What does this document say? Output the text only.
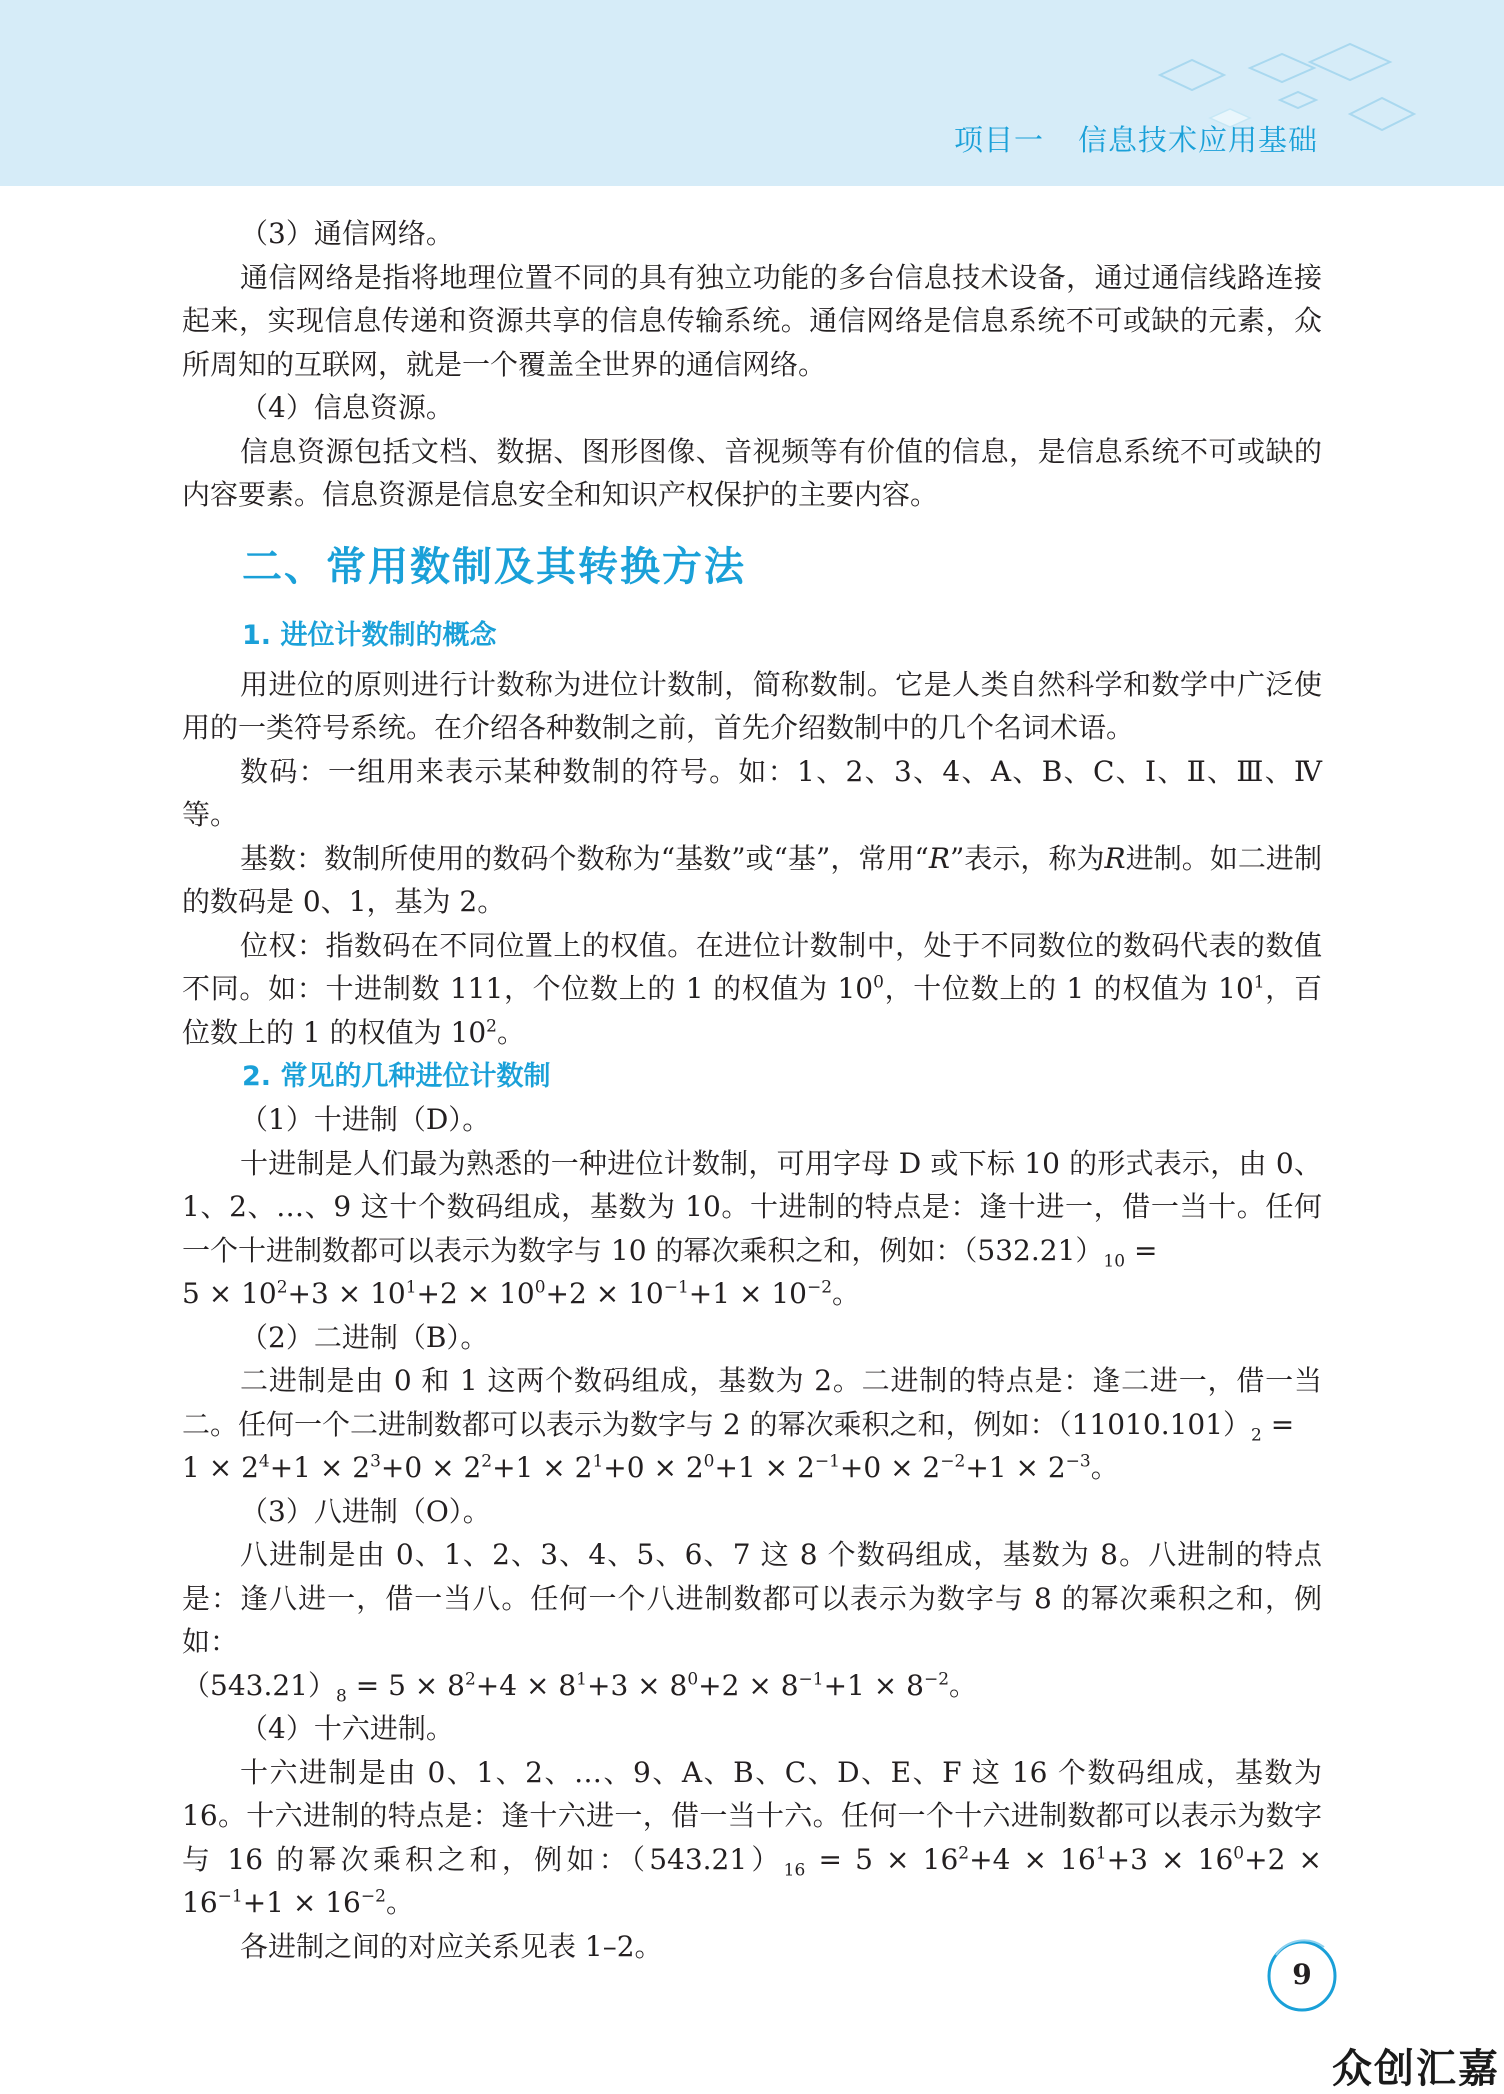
项目一 信息技术应用基础

（3）通信网络。

通信网络是指将地理位置不同的具有独立功能的多台信息技术设备，通过通信线路连接起来，实现信息传递和资源共享的信息传输系统。通信网络是信息系统不可或缺的元素，众所周知的互联网，就是一个覆盖全世界的通信网络。

（4）信息资源。

信息资源包括文档、数据、图形图像、音视频等有价值的信息，是信息系统不可或缺的内容要素。信息资源是信息安全和知识产权保护的主要内容。

二、常用数制及其转换方法
1. 进位计数制的概念

用进位的原则进行计数称为进位计数制，简称数制。它是人类自然科学和数学中广泛使用的一类符号系统。在介绍各种数制之前，首先介绍数制中的几个名词术语。

数码：一组用来表示某种数制的符号。如：1、2、3、4、A、B、C、Ⅰ、Ⅱ、Ⅲ、Ⅳ等。

基数：数制所使用的数码个数称为“基数”或“基”，常用“R”表示，称为R进制。如二进制的数码是 0、1，基为 2。

位权：指数码在不同位置上的权值。在进位计数制中，处于不同数位的数码代表的数值不同。如：十进制数 111，个位数上的 1 的权值为 $10^0$，十位数上的 1 的权值为 $10^1$，百位数上的 1 的权值为 $10^2$。

2. 常见的几种进位计数制

（1）十进制（D）。

十进制是人们最为熟悉的一种进位计数制，可用字母 D 或下标 10 的形式表示，由 0、1、2、…、9 这十个数码组成，基数为 10。十进制的特点是：逢十进一，借一当十。任何一个十进制数都可以表示为数字与 10 的幂次乘积之和，例如：$(532.21)_{10}$ =

$5 \times 10^2+3 \times 10^1+2 \times 10^0+2 \times 10^{-1}+1 \times 10^{-2}$。

（2）二进制（B）。

二进制是由 0 和 1 这两个数码组成，基数为 2。二进制的特点是：逢二进一，借一当二。任何一个二进制数都可以表示为数字与 2 的幂次乘积之和，例如：$(11010.101)_2$ =

$1 \times 2^4+1 \times 2^3+0 \times 2^2+1 \times 2^1+0 \times 2^0+1 \times 2^{-1}+0 \times 2^{-2}+1 \times 2^{-3}$。

（3）八进制（O）。

八进制是由 0、1、2、3、4、5、6、7 这 8 个数码组成，基数为 8。八进制的特点是：逢八进一，借一当八。任何一个八进制数都可以表示为数字与 8 的幂次乘积之和，例如：

$(543.21)_8 = 5 \times 8^2+4 \times 8^1+3 \times 8^0+2 \times 8^{-1}+1 \times 8^{-2}$。

（4）十六进制。

十六进制是由 0、1、2、…、9、A、B、C、D、E、F 这 16 个数码组成，基数为 16。十六进制的特点是：逢十六进一，借一当十六。任何一个十六进制数都可以表示为数字与 16 的幂次乘积之和，例如：$(543.21)_{16} = 5 \times 16^2+4 \times 16^1+3 \times 16^0+2 \times 16^{-1}+1 \times 16^{-2}$。

各进制之间的对应关系见表 1–2。

9
众创汇嘉
